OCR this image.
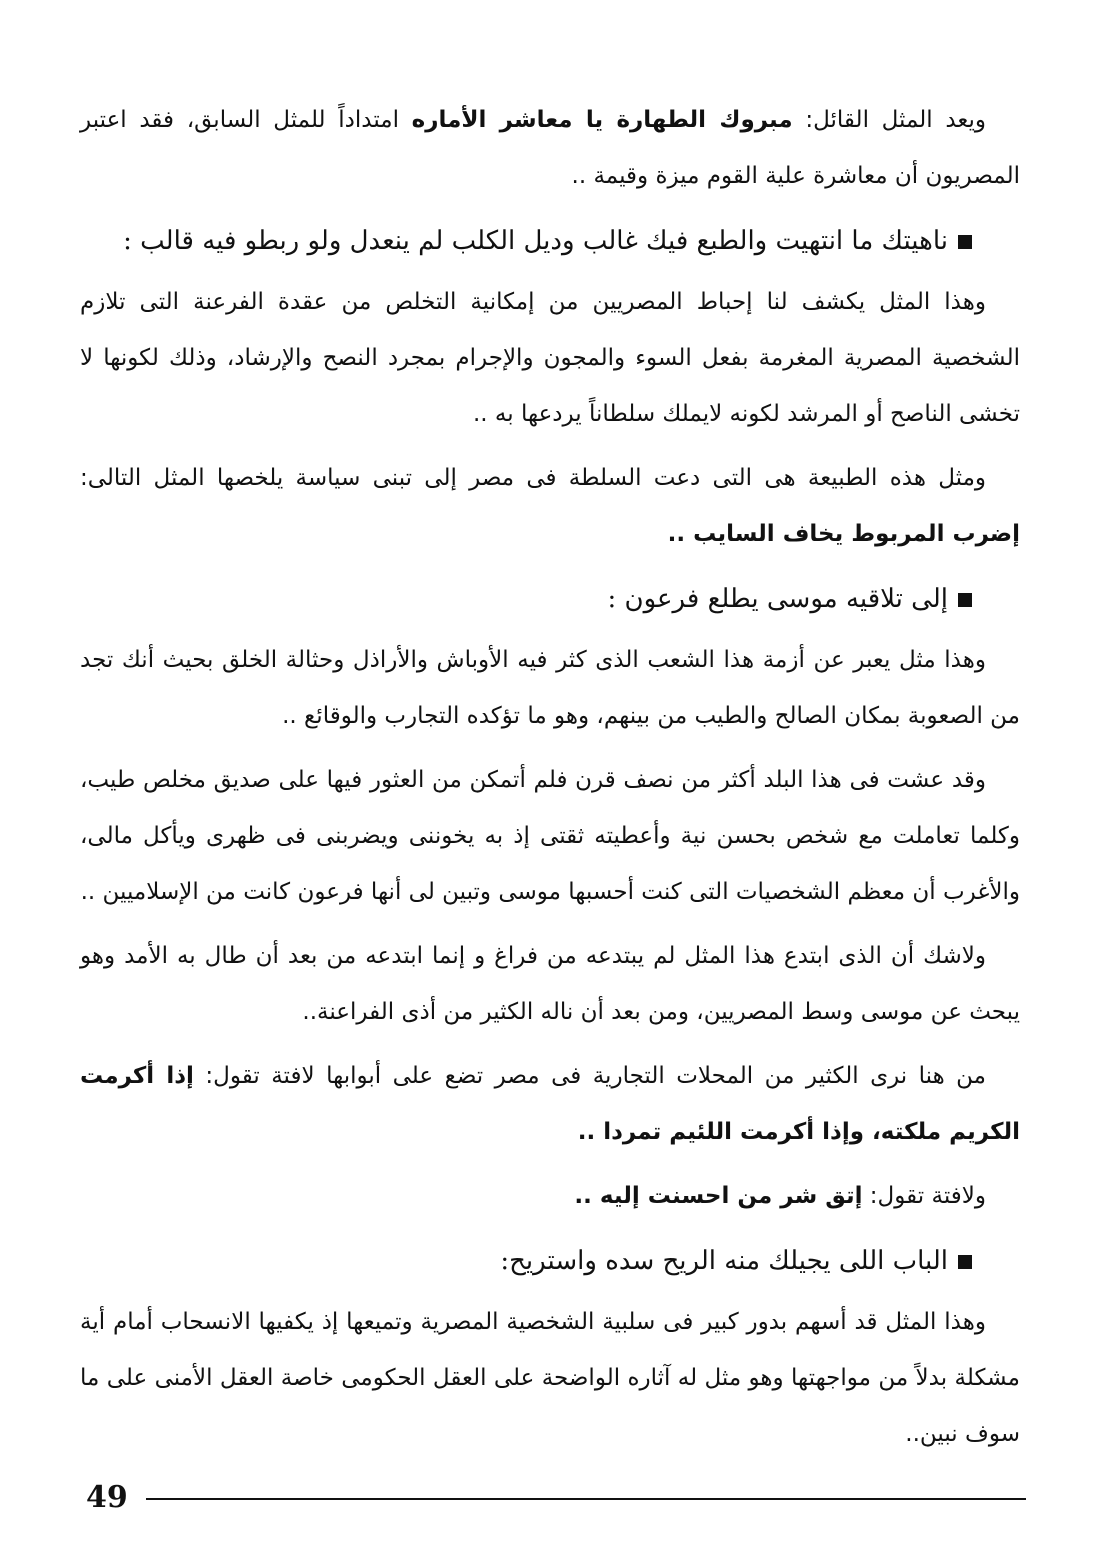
ويعد المثل القائل: مبروك الطهارة يا معاشر الأماره امتداداً للمثل السابق، فقد اعتبر المصريون أن معاشرة علية القوم ميزة وقيمة ..

ناهيتك ما انتهيت والطبع فيك غالب وديل الكلب لم ينعدل ولو ربطو فيه قالب :

وهذا المثل يكشف لنا إحباط المصريين من إمكانية التخلص من عقدة الفرعنة التى تلازم الشخصية المصرية المغرمة بفعل السوء والمجون والإجرام بمجرد النصح والإرشاد، وذلك لكونها لا تخشى الناصح أو المرشد لكونه لايملك سلطاناً يردعها به ..

ومثل هذه الطبيعة هى التى دعت السلطة فى مصر إلى تبنى سياسة يلخصها المثل التالى: إضرب المربوط يخاف السايب ..

إلى تلاقيه موسى يطلع فرعون :

وهذا مثل يعبر عن أزمة هذا الشعب الذى كثر فيه الأوباش والأراذل وحثالة الخلق بحيث أنك تجد من الصعوبة بمكان الصالح والطيب من بينهم، وهو ما تؤكده التجارب والوقائع ..

وقد عشت فى هذا البلد أكثر من نصف قرن فلم أتمكن من العثور فيها على صديق مخلص طيب، وكلما تعاملت مع شخص بحسن نية وأعطيته ثقتى إذ به يخوننى ويضربنى فى ظهرى ويأكل مالى، والأغرب أن معظم الشخصيات التى كنت أحسبها موسى وتبين لى أنها فرعون كانت من الإسلاميين ..

ولاشك أن الذى ابتدع هذا المثل لم يبتدعه من فراغ و إنما ابتدعه من بعد أن طال به الأمد وهو يبحث عن موسى وسط المصريين، ومن بعد أن ناله الكثير من أذى الفراعنة..

من هنا نرى الكثير من المحلات التجارية فى مصر تضع على أبوابها لافتة تقول: إذا أكرمت الكريم ملكته، وإذا أكرمت اللئيم تمردا ..

ولافتة تقول: إتق شر من احسنت إليه ..

الباب اللى يجيلك منه الريح سده واستريح:

وهذا المثل قد أسهم بدور كبير فى سلبية الشخصية المصرية وتميعها إذ يكفيها الانسحاب أمام أية مشكلة بدلاً من مواجهتها وهو مثل له آثاره الواضحة على العقل الحكومى خاصة العقل الأمنى على ما سوف نبين..

49
